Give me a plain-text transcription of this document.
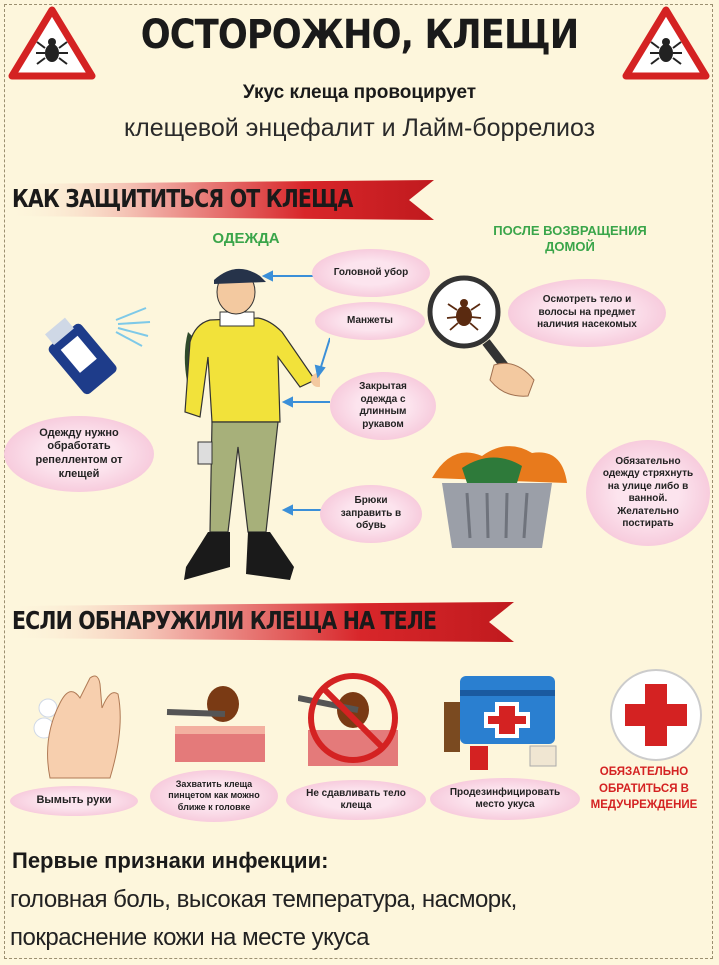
ОСТОРОЖНО, КЛЕЩИ
Укус клеща провоцирует
клещевой энцефалит и Лайм-боррелиоз
КАК ЗАЩИТИТЬСЯ ОТ КЛЕЩА
ОДЕЖДА	ПОСЛЕ ВОЗВРАЩЕНИЯ ДОМОЙ
Головной убор
Манжеты
Закрытая одежда с длинным рукавом
Брюки заправить в обувь
Одежду нужно обработать репеллентом от клещей
Осмотреть тело и волосы на предмет наличия насекомых
Обязательно одежду стряхнуть на улице либо в ванной. Желательно постирать
ЕСЛИ ОБНАРУЖИЛИ КЛЕЩА НА ТЕЛЕ
Вымыть руки
Захватить клеща пинцетом как можно ближе к головке
Не сдавливать тело клеща
Продезинфицировать место укуса
ОБЯЗАТЕЛЬНО ОБРАТИТЬСЯ В МЕДУЧРЕЖДЕНИЕ
Первые признаки инфекции:
головная боль, высокая температура, насморк,
покраснение кожи на месте укуса
